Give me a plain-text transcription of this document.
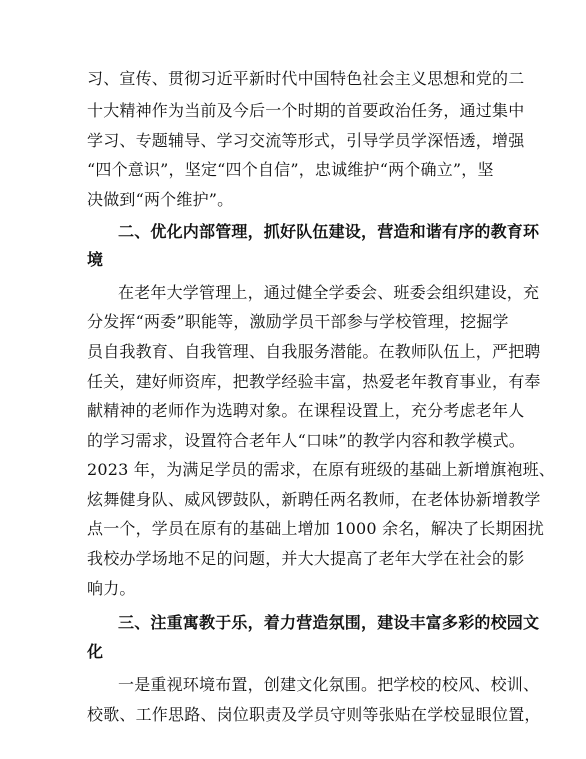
习、宣传、贯彻习近平新时代中国特色社会主义思想和党的二
十大精神作为当前及今后一个时期的首要政治任务，通过集中
学习、专题辅导、学习交流等形式，引导学员学深悟透，增强
“四个意识”，坚定“四个自信”，忠诚维护“两个确立”，坚
决做到“两个维护”。
二、优化内部管理，抓好队伍建设，营造和谐有序的教育环
境
在老年大学管理上，通过健全学委会、班委会组织建设，充
分发挥“两委”职能等，激励学员干部参与学校管理，挖掘学
员自我教育、自我管理、自我服务潜能。在教师队伍上，严把聘
任关，建好师资库，把教学经验丰富，热爱老年教育事业，有奉
献精神的老师作为选聘对象。在课程设置上，充分考虑老年人
的学习需求，设置符合老年人“口味”的教学内容和教学模式。
2023 年，为满足学员的需求，在原有班级的基础上新增旗袍班、
炫舞健身队、威风锣鼓队，新聘任两名教师，在老体协新增教学
点一个，学员在原有的基础上增加 1000 余名，解决了长期困扰
我校办学场地不足的问题，并大大提高了老年大学在社会的影
响力。
三、注重寓教于乐，着力营造氛围，建设丰富多彩的校园文
化
一是重视环境布置，创建文化氛围。把学校的校风、校训、
校歌、工作思路、岗位职责及学员守则等张贴在学校显眼位置，
